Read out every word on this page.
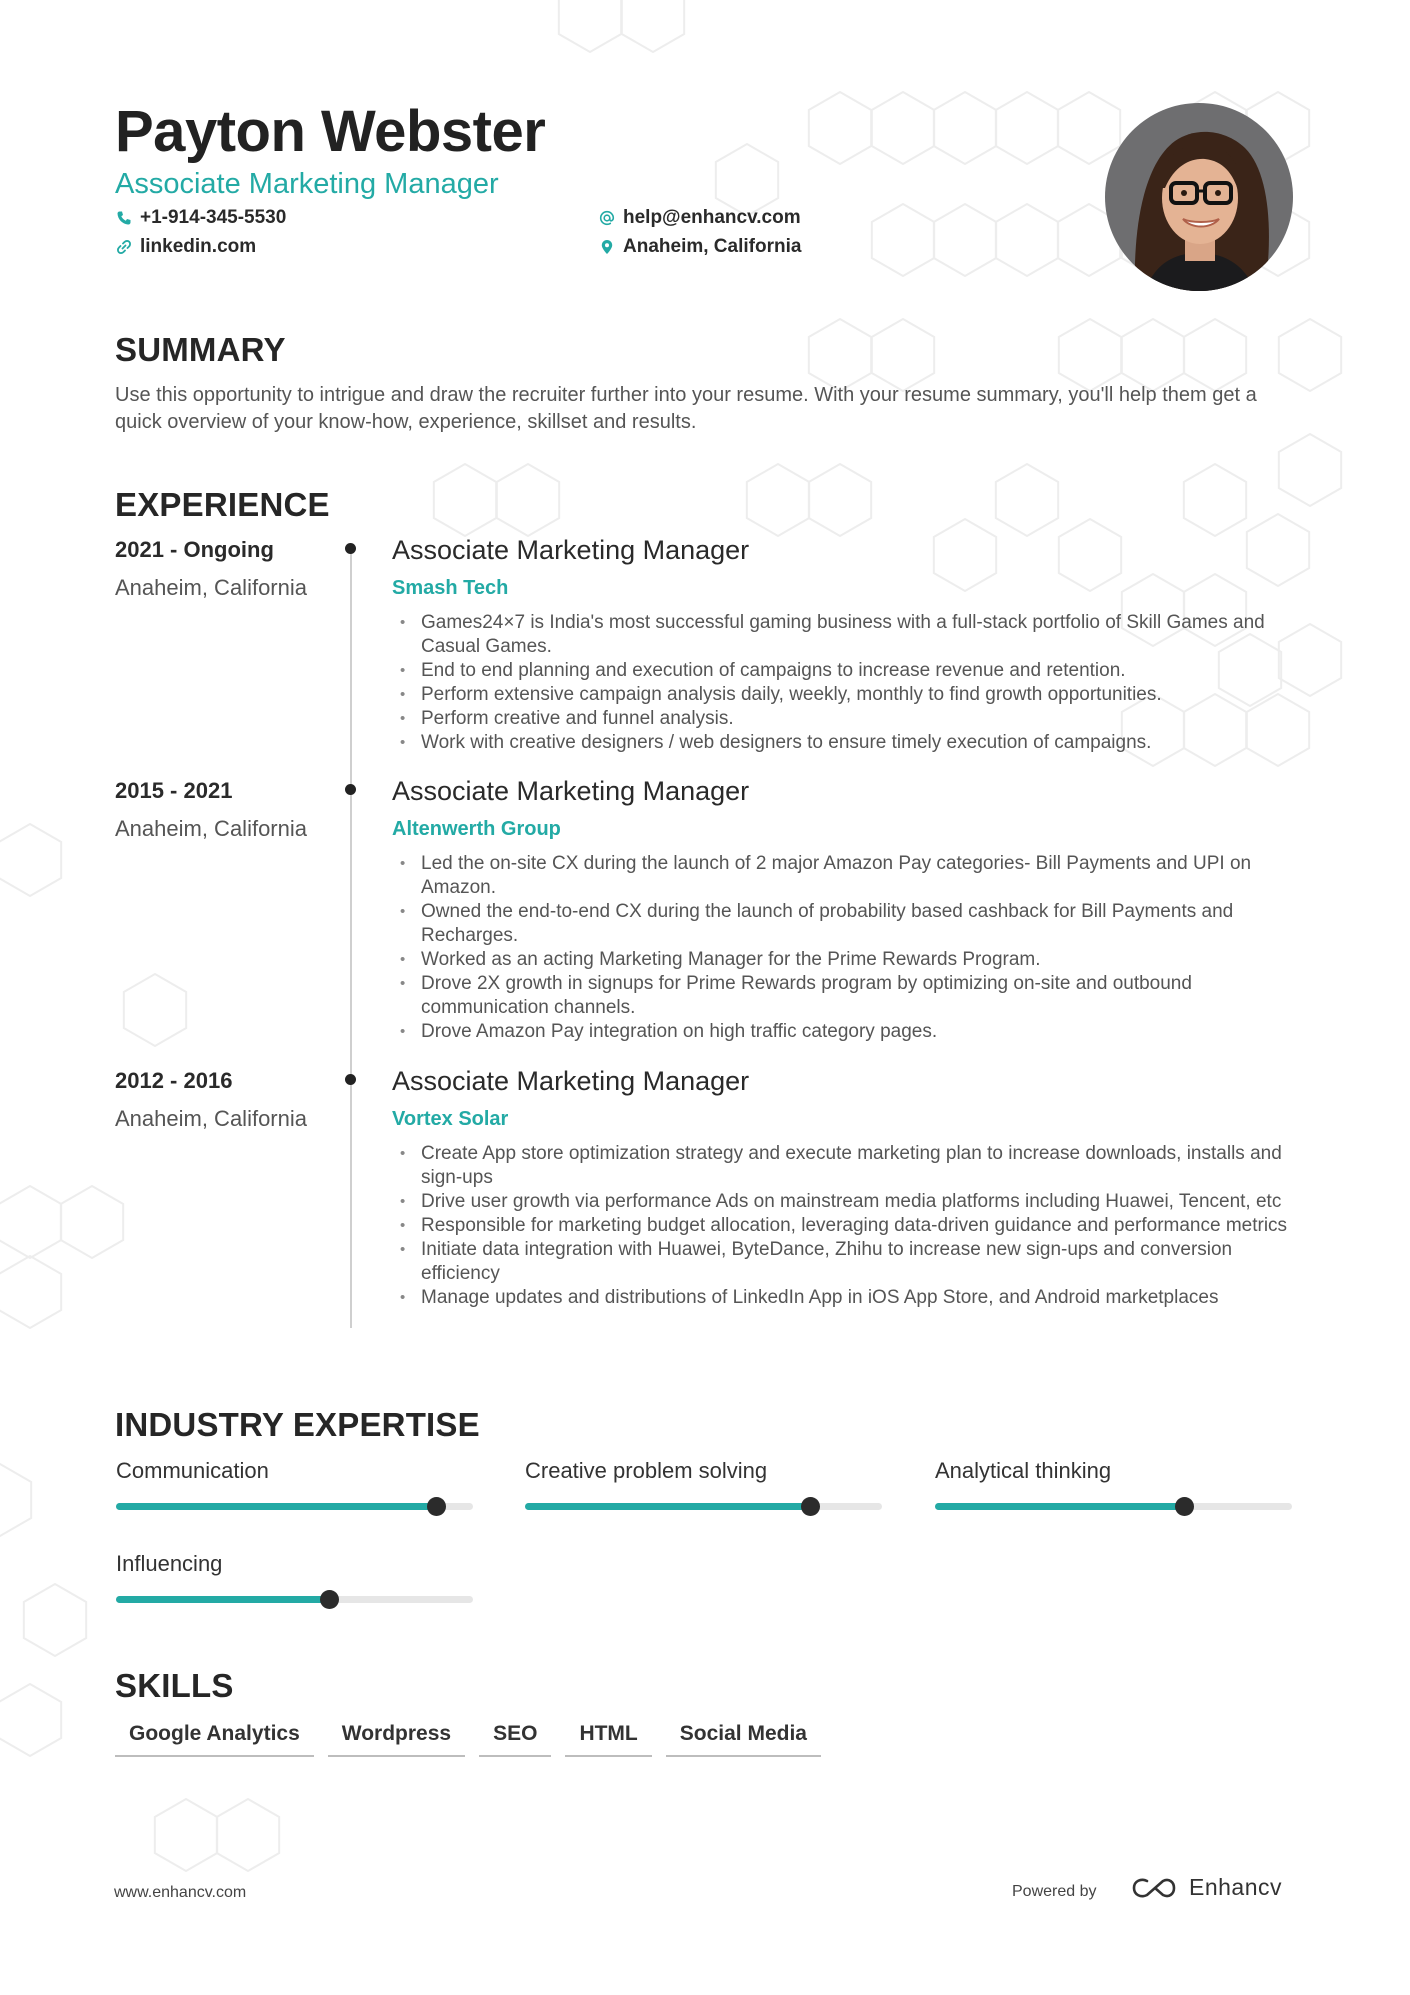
Payton Webster
Associate Marketing Manager
+1-914-345-5530
linkedin.com
help@enhancv.com
Anaheim, California
SUMMARY

Use this opportunity to intrigue and draw the recruiter further into your resume. With your resume summary, you'll help them get a quick overview of your know-how, experience, skillset and results.

EXPERIENCE
2021 - Ongoing
Anaheim, California
Associate Marketing Manager
Smash Tech
• Games24×7 is India's most successful gaming business with a full-stack portfolio of Skill Games and Casual Games.
• End to end planning and execution of campaigns to increase revenue and retention.
• Perform extensive campaign analysis daily, weekly, monthly to find growth opportunities.
• Perform creative and funnel analysis.
• Work with creative designers / web designers to ensure timely execution of campaigns.
2015 - 2021
Anaheim, California
Associate Marketing Manager
Altenwerth Group
• Led the on-site CX during the launch of 2 major Amazon Pay categories- Bill Payments and UPI on Amazon.
• Owned the end-to-end CX during the launch of probability based cashback for Bill Payments and Recharges.
• Worked as an acting Marketing Manager for the Prime Rewards Program.
• Drove 2X growth in signups for Prime Rewards program by optimizing on-site and outbound communication channels.
• Drove Amazon Pay integration on high traffic category pages.
2012 - 2016
Anaheim, California
Associate Marketing Manager
Vortex Solar
• Create App store optimization strategy and execute marketing plan to increase downloads, installs and sign-ups
• Drive user growth via performance Ads on mainstream media platforms including Huawei, Tencent, etc
• Responsible for marketing budget allocation, leveraging data-driven guidance and performance metrics
• Initiate data integration with Huawei, ByteDance, Zhihu to increase new sign-ups and conversion efficiency
• Manage updates and distributions of LinkedIn App in iOS App Store, and Android marketplaces
INDUSTRY EXPERTISE
Communication	Creative problem solving	Analytical thinking
Influencing
SKILLS
Google Analytics	Wordpress	SEO	HTML	Social Media
www.enhancv.com	Powered by	Enhancv
